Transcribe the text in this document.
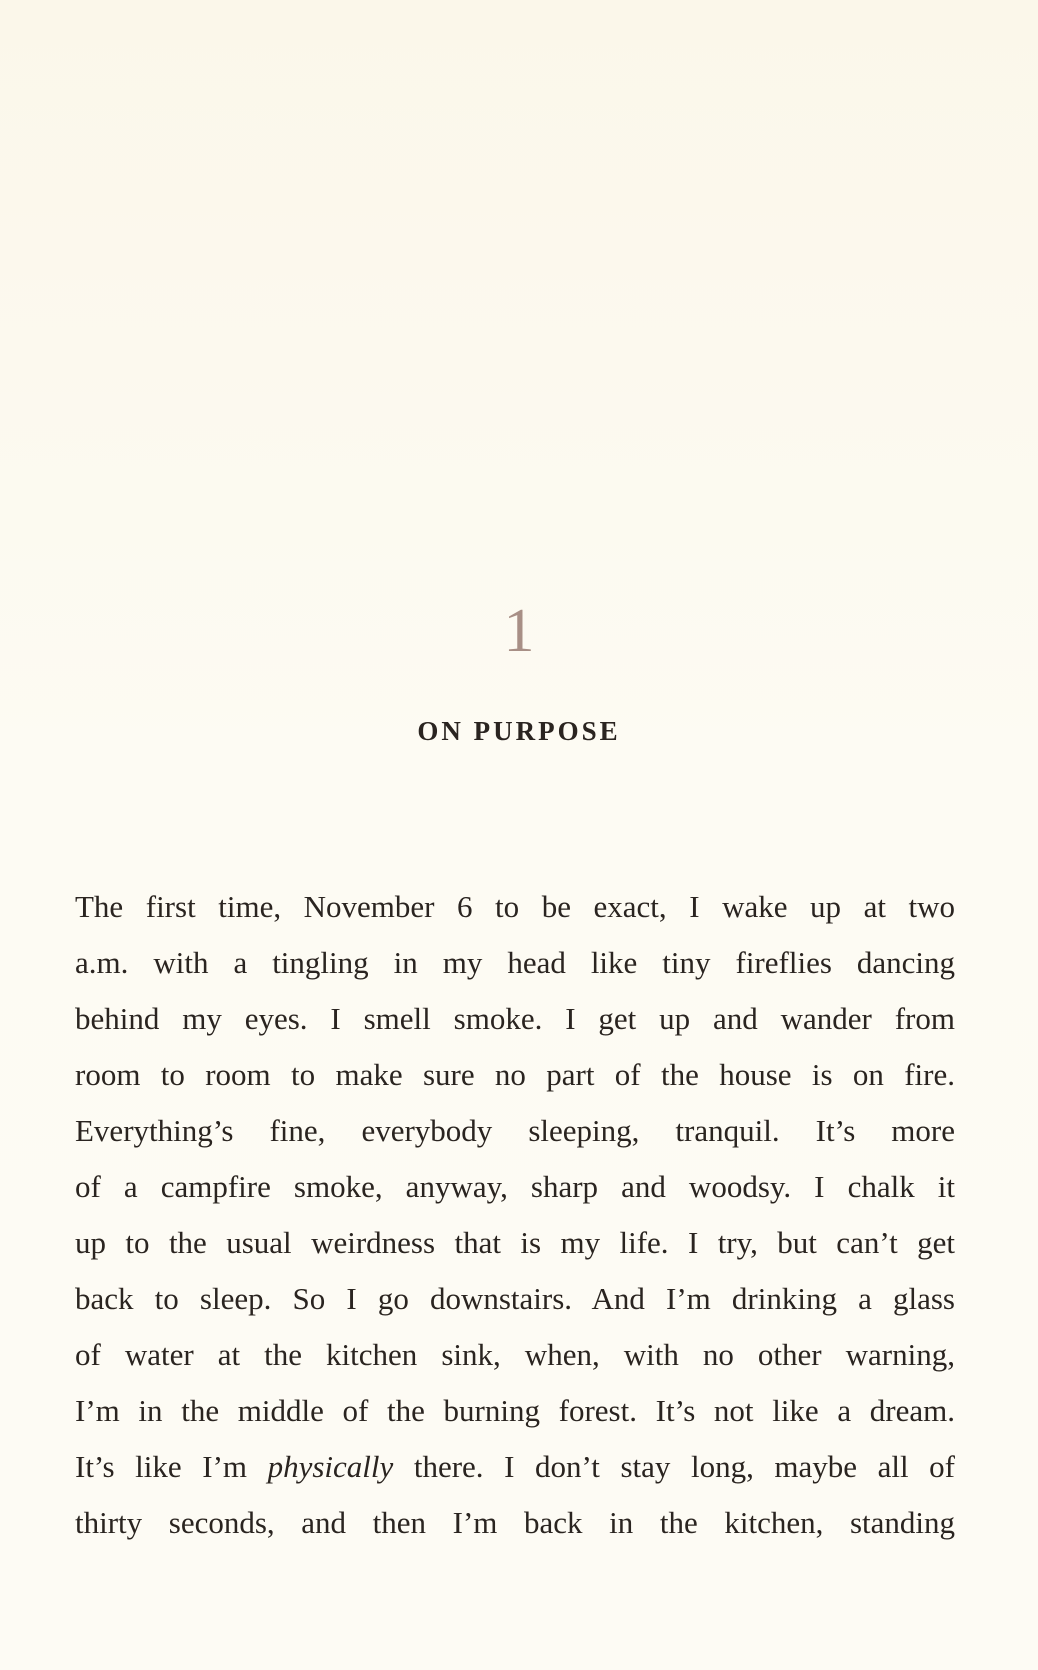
1
ON PURPOSE
The first time, November 6 to be exact, I wake up at two
a.m. with a tingling in my head like tiny fireflies dancing
behind my eyes. I smell smoke. I get up and wander from
room to room to make sure no part of the house is on fire.
Everything’s fine, everybody sleeping, tranquil. It’s more
of a campfire smoke, anyway, sharp and woodsy. I chalk it
up to the usual weirdness that is my life. I try, but can’t get
back to sleep. So I go downstairs. And I’m drinking a glass
of water at the kitchen sink, when, with no other warning,
I’m in the middle of the burning forest. It’s not like a dream.
It’s like I’m physically there. I don’t stay long, maybe all of
thirty seconds, and then I’m back in the kitchen, standing
